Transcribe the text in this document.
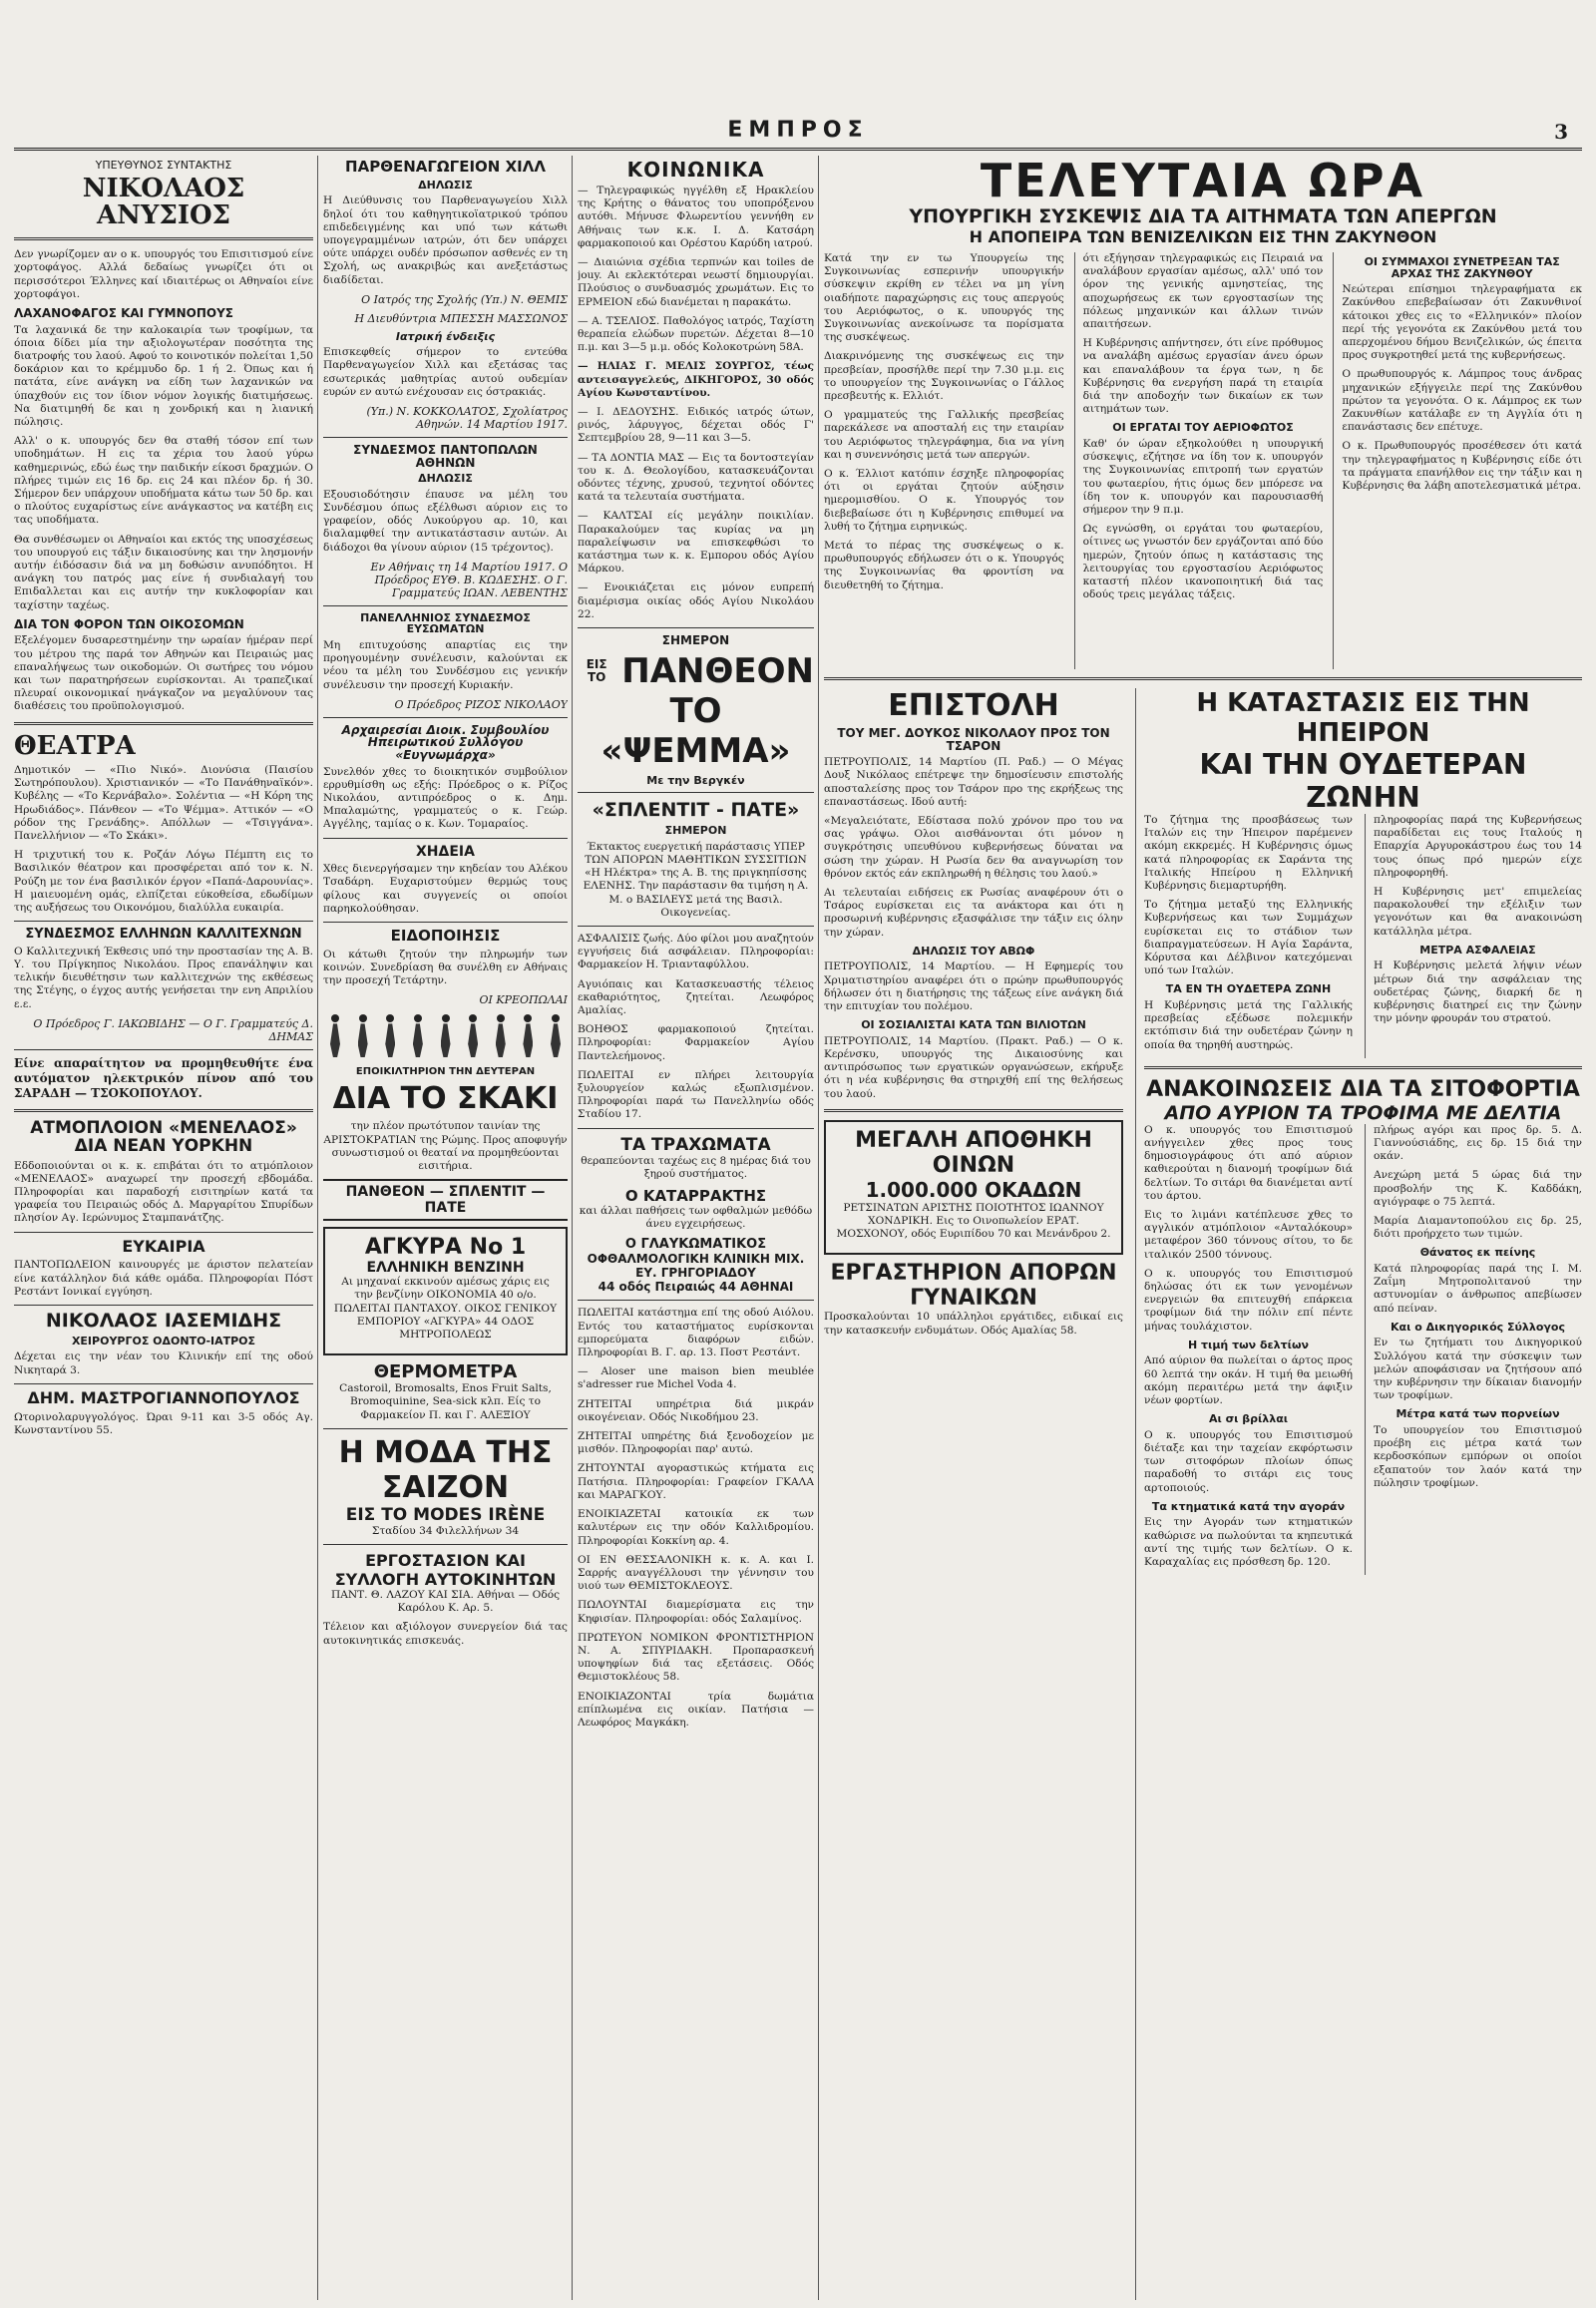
ΕΜΠΡΟΣ	3
ΥΠΕΥΘΥΝΟΣ ΣΥΝΤΑΚΤΗΣ
ΝΙΚΟΛΑΟΣ ΑΝΥΣΙΟΣ

Δεν γνωρίζομεν αν ο κ. υπουργός του Επισιτισμού είνε χορτοφάγος. Αλλά δεδαίως γνωρίζει ότι οι περισσότεροι Έλληνες καί ιδιαιτέρως οι Αθηναίοι είνε χορτοφάγοι.

ΛΑΧΑΝΟΦΑΓΟΣ ΚΑΙ ΓΥΜΝΟΠΟΥΣ

Τα λαχανικά δε την καλοκαιρία των τροφίμων, τα όποια δίδει μία την αξιολογωτέραν ποσότητα της διατροφής του λαού. Αφού το κοινοτικόν πολείται 1,50 δοκάριον και το κρέμμυδο δρ. 1 ή 2. Όπως και ή πατάτα, είνε ανάγκη να είδη των λαχανικών να ύπαχθούν εις τον ίδιον νόμον λογικής διατιμήσεως. Να διατιμηθή δε και η χονδρική και η λιανική πώλησις.

Αλλ' ο κ. υπουργός δεν θα σταθή τόσον επί των υποδημάτων. Η εις τα χέρια του λαού γύρω καθημερινώς, εδώ έως την παιδικήν είκοσι δραχμών. Ο πλήρες τιμών εις 16 δρ. εις 24 και πλέον δρ. ή 30. Σήμερον δεν υπάρχουν υποδήματα κάτω των 50 δρ. και ο πλούτος ευχαρίστως είνε ανάγκαστος να κατέβη εις τας υποδήματα.

Θα συνθέσωμεν οι Αθηναίοι και εκτός της υποσχέσεως του υπουργού εις τάξιν δικαιοσύνης και την λησμονήν αυτήν έιδόσασιν διά να μη δοθώσιν ανυπόδητοι. Η ανάγκη του πατρός μας είνε ή συνδιαλαγή του Επιδαλλεται και εις αυτήν την κυκλοφορίαν και ταχίστην ταχέως.

ΔΙΑ ΤΟΝ ΦΟΡΟΝ ΤΩΝ ΟΙΚΟΣΟΜΩΝ

Εξελέγομεν δυσαρεστημένην την ωραίαν ήμέραν περί του μέτρου της παρά τον Αθηνών και Πειραιώς μας επαναλήψεως των οικοδομών. Οι σωτήρες του νόμου και των παρατηρήσεων ευρίσκονται. Αι τραπεζικαί πλευραί οικονομικαί ηνάγκαζον να μεγαλύνουν τας διαθέσεις του προϋπολογισμού.

ΘΕΑΤΡΑ

Δημοτικόν — «Πιο Νικό». Διονύσια (Παισίου Σωτηρόπουλου). Χριστιανικόν — «Το Πανάθηναϊκόν». Κυβέλης — «Το Κερνάβαλο». Σολέντια — «Η Κόρη της Ηρωδιάδος». Πάνθεον — «Το Ψέμμα». Αττικόν — «Ο ρόδον της Γρενάδης». Απόλλων — «Τσιγγάνα». Πανελλήνιον — «Το Σκάκι».

Η τριχυτική του κ. Ροζάν Λόγω Πέμπτη εις το Βασιλικόν θέατρον και προσφέρεται από τον κ. Ν. Ρούζη με τον ένα βασιλικόν έργον «Παπά-Δαρουνίας». Η μαιευομένη ομάς, ελπίζεται εύκοθείσα, εδωδίμων της αυξήσεως του Οικονόμου, διαλύλλα ευκαιρία.

ΣΥΝΔΕΣΜΟΣ ΕΛΛΗΝΩΝ ΚΑΛΛΙΤΕΧΝΩΝ

Ο Καλλιτεχνική Έκθεσις υπό την προστασίαν της Α. Β. Υ. του Πρίγκηπος Νικολάου. Προς επανάληψιν και τελικήν διευθέτησιν των καλλιτεχνών της εκθέσεως της Στέγης, ο έγχος αυτής γενήσεται την ενη Απριλίου ε.ε.

Ο Πρόεδρος Γ. ΙΑΚΩΒΙΔΗΣ — Ο Γ. Γραμματεύς Δ. ΔΗΜΑΣ

Είνε απαραίτητον να προμηθευθήτε ένα αυτόματον ηλεκτρικόν πίνον από του ΣΑΡΑΔΗ — ΤΣΟΚΟΠΟΥΛΟΥ.

ΑΤΜΟΠΛΟΙΟΝ «ΜΕΝΕΛΑΟΣ» ΔΙΑ ΝΕΑΝ ΥΟΡΚΗΝ

Εδδοποιούνται οι κ. κ. επιβάται ότι το ατμόπλοιον «ΜΕΝΕΛΑΟΣ» αναχωρεί την προσεχή εβδομάδα. Πληροφορίαι και παραδοχή εισιτηρίων κατά τα γραφεία του Πειραιώς οδός Δ. Μαργαρίτου Σπυρίδων πλησίον Αγ. Ιερώνυμος Σταμπανάτζης.

ΕΥΚΑΙΡΙΑ

ΠΑΝΤΟΠΩΛΕΙΟΝ καινουργές με άριστον πελατείαν είνε κατάλληλον διά κάθε ομάδα. Πληροφορίαι Πόστ Ρεστάντ Ιονικαί εγγύηση.

ΝΙΚΟΛΑΟΣ ΙΑΣΕΜΙΔΗΣ
ΧΕΙΡΟΥΡΓΟΣ ΟΔΟΝΤΟ-ΙΑΤΡΟΣ

Δέχεται εις την νέαν του Κλινικήν επί της οδού Νικηταρά 3.

ΔΗΜ. ΜΑΣΤΡΟΓΙΑΝΝΟΠΟΥΛΟΣ

Ωτορινολαρυγγολόγος. Ώραι 9-11 και 3-5 οδός Αγ. Κωνσταντίνου 55.

ΠΑΡΘΕΝΑΓΩΓΕΙΟΝ ΧΙΛΛ
ΔΗΛΩΣΙΣ

Η Διεύθυνσις του Παρθεναγωγείου Χιλλ δηλοί ότι του καθηγητικοϊατρικού τρόπου επιδεδειγμένης και υπό των κάτωθι υπογεγραμμένων ιατρών, ότι δεν υπάρχει ούτε υπάρχει ουδέν πρόσωπον ασθενές εν τη Σχολή, ως ανακριβώς και ανεξετάστως διαδίδεται.

Ο Ιατρός της Σχολής (Υπ.) Ν. ΘΕΜΙΣ
Η Διευθύντρια ΜΠΕΣΣΗ ΜΑΣΣΩΝΟΣ
Ιατρική ένδειξις

Επισκεφθείς σήμερον το εντεύθα Παρθεναγωγείον Χιλλ και εξετάσας τας εσωτερικάς μαθητρίας αυτού ουδεμίαν ευρών εν αυτώ ενέχουσαν εις όστρακιάς.

(Υπ.) Ν. ΚΟΚΚΟΛΑΤΟΣ, Σχολίατρος Αθηνών. 14 Μαρτίου 1917.
ΣΥΝΔΕΣΜΟΣ ΠΑΝΤΟΠΩΛΩΝ ΑΘΗΝΩΝ
ΔΗΛΩΣΙΣ

Εξουσιοδότησιν έπαυσε να μέλη του Συνδέσμου όπως εξέλθωσι αύριον εις το γραφείον, οδός Λυκούργου αρ. 10, και διαλαμφθεί την αντικατάστασιν αυτών. Αι διάδοχοι θα γίνουν αύριον (15 τρέχοντος).

Εν Αθήναις τη 14 Μαρτίου 1917. Ο Πρόεδρος ΕΥΘ. Β. ΚΩΔΕΣΗΣ. Ο Γ. Γραμματεύς ΙΩΑΝ. ΛΕΒΕΝΤΗΣ
ΠΑΝΕΛΛΗΝΙΟΣ ΣΥΝΔΕΣΜΟΣ ΕΥΣΩΜΑΤΩΝ

Μη επιτυχούσης απαρτίας εις την προηγουμένην συνέλευσιν, καλούνται εκ νέου τα μέλη του Συνδέσμου εις γενικήν συνέλευσιν την προσεχή Κυριακήν.

Ο Πρόεδρος ΡΙΖΟΣ ΝΙΚΟΛΑΟΥ
Αρχαιρεσίαι Διοικ. Συμβουλίου Ηπειρωτικού Συλλόγου «Ευγνωμάρχα»

Συνελθόν χθες το διοικητικόν συμβούλιον ερρυθμίσθη ως εξής: Πρόεδρος ο κ. Ρίζος Νικολάου, αντιπρόεδρος ο κ. Δημ. Μπαλαμώτης, γραμματεύς ο κ. Γεώρ. Αγγέλης, ταμίας ο κ. Κων. Τομαραίος.

ΧΗΔΕΙΑ

Χθες διενεργήσαμεν την κηδείαν του Αλέκου Τσαδάρη. Ευχαριστούμεν θερμώς τους φίλους και συγγενείς οι οποίοι παρηκολούθησαν.

ΕΙΔΟΠΟΙΗΣΙΣ

Οι κάτωθι ζητούν την πληρωμήν των κοινών. Συνεδρίαση θα συνέλθη εν Αθήναις την προσεχή Τετάρτην.

ΟΙ ΚΡΕΟΠΩΛΑΙ
ΕΠΟΙΚΙΛΤΗΡΙΟΝ ΤΗΝ ΔΕΥΤΕΡΑΝ
ΔΙΑ ΤΟ ΣΚΑΚΙ

την πλέον πρωτότυπον ταινίαν της ΑΡΙΣΤΟΚΡΑΤΙΑΝ της Ρώμης. Προς αποφυγήν συνωστισμού οι θεαταί να προμηθεύονται εισιτήρια.

ΠΑΝΘΕΟΝ — ΣΠΛΕΝΤΙΤ — ΠΑΤΕ
ΑΓΚΥΡΑ Νο 1
ΕΛΛΗΝΙΚΗ ΒΕΝΖΙΝΗ

Αι μηχαναί εκκινούν αμέσως χάρις εις την βενζίνην ΟΙΚΟΝΟΜΙΑ 40 ο/ο. ΠΩΛΕΙΤΑΙ ΠΑΝΤΑΧΟΥ. ΟΙΚΟΣ ΓΕΝΙΚΟΥ ΕΜΠΟΡΙΟΥ «ΑΓΚΥΡΑ» 44 ΟΔΟΣ ΜΗΤΡΟΠΟΛΕΩΣ

ΘΕΡΜΟΜΕΤΡΑ

Castoroil, Bromosalts, Enos Fruit Salts, Bromoquinine, Sea-sick κλπ. Είς το Φαρμακείον Π. και Γ. ΑΛΕΞΙΟΥ

Η ΜΟΔΑ ΤΗΣ ΣΑΙΖΟΝ
ΕΙΣ ΤΟ MODES IRÈNE

Σταδίου 34 Φιλελλήνων 34

ΕΡΓΟΣΤΑΣΙΟΝ ΚΑΙ ΣΥΛΛΟΓΗ ΑΥΤΟΚΙΝΗΤΩΝ

ΠΑΝΤ. Θ. ΛΑΖΟΥ ΚΑΙ ΣΙΑ. Αθήναι — Οδός Καρόλου Κ. Αρ. 5.

Τέλειον και αξιόλογον συνεργείον διά τας αυτοκινητικάς επισκευάς.

ΚΟΙΝΩΝΙΚΑ

— Τηλεγραφικώς ηγγέλθη εξ Ηρακλείου της Κρήτης ο θάνατος του υποπρόξενου αυτόθι. Μήνυσε Φλωρεντίου γεννήθη εν Αθήναις των κ.κ. Ι. Δ. Κατσάρη φαρμακοποιού και Ορέστου Καρύδη ιατρού.

— Διαιώνια σχέδια τερπνών και toiles de jouy. Αι εκλεκτότεραι νεωστί δημιουργίαι. Πλούσιος ο συνδυασμός χρωμάτων. Εις το ΕΡΜΕΙΟΝ εδώ διανέμεται η παρακάτω.

— Α. ΤΣΕΛΙΟΣ. Παθολόγος ιατρός, Ταχίστη θεραπεία ελώδων πυρετών. Δέχεται 8—10 π.μ. και 3—5 μ.μ. οδός Κολοκοτρώνη 58Α.

— ΗΛΙΑΣ Γ. ΜΕΛΙΣ ΣΟΥΡΓΟΣ, τέως αντεισαγγελεύς, ΔΙΚΗΓΟΡΟΣ, 30 οδός Αγίου Κωνσταντίνου.

— Ι. ΔΕΔΟΥΣΗΣ. Ειδικός ιατρός ώτων, ρινός, λάρυγγος, δέχεται οδός Γ' Σεπτεμβρίου 28, 9—11 και 3—5.

— ΤΑ ΔΟΝΤΙΑ ΜΑΣ — Εις τα δοντοστεγίαν του κ. Δ. Θεολογίδου, κατασκευάζονται οδόντες τέχνης, χρυσού, τεχνητοί οδόντες κατά τα τελευταία συστήματα.

— ΚΑΛΤΣΑΙ είς μεγάλην ποικιλίαν. Παρακαλούμεν τας κυρίας να μη παραλείψωσιν να επισκεφθώσι το κατάστημα των κ. κ. Εμπορου οδός Αγίου Μάρκου.

— Ενοικιάζεται εις μόνον ευπρεπή διαμέρισμα οικίας οδός Αγίου Νικολάου 22.

ΣΗΜΕΡΟΝ
ΕΙΣ ΤΟ ΠΑΝΘΕΟΝ
ΤΟ «ΨΕΜΜΑ»
Με την Βεργκέν
«ΣΠΛΕΝΤΙΤ - ΠΑΤΕ»
ΣΗΜΕΡΟΝ

Έκτακτος ευεργετική παράστασις ΥΠΕΡ ΤΩΝ ΑΠΟΡΩΝ ΜΑΘΗΤΙΚΩΝ ΣΥΣΣΙΤΙΩΝ «Η Ηλέκτρα» της Α. Β. της πριγκηπίσσης ΕΛΕΝΗΣ. Την παράστασιν θα τιμήση η Α. Μ. ο ΒΑΣΙΛΕΥΣ μετά της Βασιλ. Οικογενείας.

ΑΣΦΑΛΙΣΙΣ ζωής. Δύο φίλοι μου αναζητούν εγγυήσεις διά ασφάλειαν. Πληροφορίαι: Φαρμακείον Η. Τριανταφύλλου.

Αγυιόπαις και Κατασκευαστής τέλειος εκαθαριότητος, ζητείται. Λεωφόρος Αμαλίας.

ΒΟΗΘΟΣ φαρμακοποιού ζητείται. Πληροφορίαι: Φαρμακείον Αγίου Παντελεήμονος.

ΠΩΛΕΙΤΑΙ εν πλήρει λειτουργία ξυλουργείον καλώς εξωπλισμένον. Πληροφορίαι παρά τω Πανελληνίω οδός Σταδίου 17.

ΤΑ ΤΡΑΧΩΜΑΤΑ

θεραπεύονται ταχέως εις 8 ημέρας διά του ξηρού συστήματος.

Ο ΚΑΤΑΡΡΑΚΤΗΣ

και άλλαι παθήσεις των οφθαλμών μεθόδω άνευ εγχειρήσεως.

Ο ΓΛΑΥΚΩΜΑΤΙΚΟΣ
ΟΦΘΑΛΜΟΛΟΓΙΚΗ ΚΛΙΝΙΚΗ ΜΙΧ. ΕΥ. ΓΡΗΓΟΡΙΑΔΟΥ
44 οδός Πειραιώς 44 ΑΘΗΝΑΙ

ΠΩΛΕΙΤΑΙ κατάστημα επί της οδού Αιόλου. Εντός του καταστήματος ευρίσκονται εμπορεύματα διαφόρων ειδών. Πληροφορίαι Β. Γ. αρ. 13. Ποστ Ρεστάντ.

— Aloser une maison bien meublée s'adresser rue Michel Voda 4.

ΖΗΤΕΙΤΑΙ υπηρέτρια διά μικράν οικογένειαν. Οδός Νικοδήμου 23.

ΖΗΤΕΙΤΑΙ υπηρέτης διά ξενοδοχείον με μισθόν. Πληροφορίαι παρ' αυτώ.

ΖΗΤΟΥΝΤΑΙ αγοραστικώς κτήματα εις Πατήσια. Πληροφορίαι: Γραφείον ΓΚΑΛΑ και ΜΑΡΑΓΚΟΥ.

ΕΝΟΙΚΙΑΖΕΤΑΙ κατοικία εκ των καλυτέρων εις την οδόν Καλλιδρομίου. Πληροφορίαι Κοκκίνη αρ. 4.

ΟΙ ΕΝ ΘΕΣΣΑΛΟΝΙΚΗ κ. κ. Α. και Ι. Σαρρής αναγγέλλουσι την γέννησιν του υιού των ΘΕΜΙΣΤΟΚΛΕΟΥΣ.

ΠΩΛΟΥΝΤΑΙ διαμερίσματα εις την Κηφισίαν. Πληροφορίαι: οδός Σαλαμίνος.

ΠΡΩΤΕΥΟΝ ΝΟΜΙΚΟΝ ΦΡΟΝΤΙΣΤΗΡΙΟΝ Ν. Α. ΣΠΥΡΙΔΑΚΗ. Προπαρασκευή υποψηφίων διά τας εξετάσεις. Οδός Θεμιστοκλέους 58.

ΕΝΟΙΚΙΑΖΟΝΤΑΙ τρία δωμάτια επίπλωμένα εις οικίαν. Πατήσια — Λεωφόρος Μαγκάκη.

ΤΕΛΕΥΤΑΙΑ ΩΡΑ
ΥΠΟΥΡΓΙΚΗ ΣΥΣΚΕΨΙΣ ΔΙΑ ΤΑ ΑΙΤΗΜΑΤΑ ΤΩΝ ΑΠΕΡΓΩΝ
Η ΑΠΟΠΕΙΡΑ ΤΩΝ ΒΕΝΙΖΕΛΙΚΩΝ ΕΙΣ ΤΗΝ ΖΑΚΥΝΘΟΝ

Κατά την εν τω Υπουργείω της Συγκοινωνίας εσπερινήν υπουργικήν σύσκεψιν εκρίθη εν τέλει να μη γίνη οιαδήποτε παραχώρησις εις τους απεργούς του Αεριόφωτος, ο κ. υπουργός της Συγκοινωνίας ανεκοίνωσε τα πορίσματα της συσκέψεως.

Διακρινόμενης της συσκέψεως εις την πρεσβείαν, προσήλθε περί την 7.30 μ.μ. εις το υπουργείον της Συγκοινωνίας ο Γάλλος πρεσβευτής κ. Ελλιότ.

Ο γραμματεύς της Γαλλικής πρεσβείας παρεκάλεσε να αποσταλή εις την εταιρίαν του Αεριόφωτος τηλεγράφημα, δια να γίνη και η συνεννόησις μετά των απεργών.

Ο κ. Έλλιοτ κατόπιν έσχηξε πληροφορίας ότι οι εργάται ζητούν αύξησιν ημερομισθίου. Ο κ. Υπουργός τον διεβεβαίωσε ότι η Κυβέρνησις επιθυμεί να λυθή το ζήτημα ειρηνικώς.

Μετά το πέρας της συσκέψεως ο κ. πρωθυπουργός εδήλωσεν ότι ο κ. Υπουργός της Συγκοινωνίας θα φροντίση να διευθετηθή το ζήτημα.

ότι εξήγησαν τηλεγραφικώς εις Πειραιά να αναλάβουν εργασίαν αμέσως, αλλ' υπό τον όρον της γενικής αμνηστείας, της αποχωρήσεως εκ των εργοστασίων της πόλεως μηχανικών και άλλων τινών απαιτήσεων.

Η Κυβέρνησις απήντησεν, ότι είνε πρόθυμος να αναλάβη αμέσως εργασίαν άνευ όρων και επαναλάβουν τα έργα των, η δε Κυβέρνησις θα ενεργήση παρά τη εταιρία διά την αποδοχήν των δικαίων εκ των αιτημάτων των.

ΟΙ ΕΡΓΑΤΑΙ ΤΟΥ ΑΕΡΙΟΦΩΤΟΣ

Καθ' όν ώραν εξηκολούθει η υπουργική σύσκεψις, εζήτησε να ίδη τον κ. υπουργόν της Συγκοινωνίας επιτροπή των εργατών του φωταερίου, ήτις όμως δεν μπόρεσε να ίδη τον κ. υπουργόν και παρουσιασθή σήμερον την 9 π.μ.

Ως εγνώσθη, οι εργάται του φωταερίου, οίτινες ως γνωστόν δεν εργάζονται από δύο ημερών, ζητούν όπως η κατάστασις της λειτουργίας του εργοστασίου Αεριόφωτος καταστή πλέον ικανοποιητική διά τας οδούς τρεις μεγάλας τάξεις.

ΟΙ ΣΥΜΜΑΧΟΙ ΣΥΝΕΤΡΕΞΑΝ ΤΑΣ ΑΡΧΑΣ ΤΗΣ ΖΑΚΥΝΘΟΥ

Νεώτεραι επίσημοι τηλεγραφήματα εκ Ζακύνθου επεβεβαίωσαν ότι Ζακυνθινοί κάτοικοι χθες εις το «Ελληνικόν» πλοίον περί τής γεγονότα εκ Ζακύνθου μετά του απερχομένου δήμου Βενιζελικών, ώς έπειτα προς συγκροτηθεί μετά της κυβερνήσεως.

Ο πρωθυπουργός κ. Λάμπρος τους άνδρας μηχανικών εξήγγειλε περί της Ζακύνθου πρώτον τα γεγονότα. Ο κ. Λάμπρος εκ των Ζακυνθίων κατάλαβε εν τη Αγγλία ότι η επανάστασις δεν επέτυχε.

Ο κ. Πρωθυπουργός προσέθεσεν ότι κατά την τηλεγραφήματος η Κυβέρνησις είδε ότι τα πράγματα επανήλθον εις την τάξιν και η Κυβέρνησις θα λάβη αποτελεσματικά μέτρα.

ΕΠΙΣΤΟΛΗ
ΤΟΥ ΜΕΓ. ΔΟΥΚΟΣ ΝΙΚΟΛΑΟΥ ΠΡΟΣ ΤΟΝ ΤΣΑΡΟΝ

ΠΕΤΡΟΥΠΟΛΙΣ, 14 Μαρτίου (Π. Ραδ.) — Ο Μέγας Δουξ Νικόλαος επέτρεψε την δημοσίευσιν επιστολής αποσταλείσης προς τον Τσάρον προ της εκρήξεως της επαναστάσεως. Ιδού αυτή:

«Μεγαλειότατε, Εδίστασα πολύ χρόνον προ του να σας γράψω. Ολοι αισθάνονται ότι μόνον η συγκρότησις υπευθύνου κυβερνήσεως δύναται να σώση την χώραν. Η Ρωσία δεν θα αναγνωρίση τον θρόνον εκτός εάν εκπληρωθή η θέλησις του λαού.»

Αι τελευταίαι ειδήσεις εκ Ρωσίας αναφέρουν ότι ο Τσάρος ευρίσκεται εις τα ανάκτορα και ότι η προσωρινή κυβέρνησις εξασφάλισε την τάξιν εις όλην την χώραν.

ΔΗΛΩΣΙΣ ΤΟΥ ΑΒΩΦ

ΠΕΤΡΟΥΠΟΛΙΣ, 14 Μαρτίου. — Η Εφημερίς του Χριματιστηρίου αναφέρει ότι ο πρώην πρωθυπουργός δήλωσεν ότι η διατήρησις της τάξεως είνε ανάγκη διά την επιτυχίαν του πολέμου.

ΟΙ ΣΟΣΙΑΛΙΣΤΑΙ ΚΑΤΑ ΤΩΝ ΒΙΛΙΟΤΩΝ

ΠΕΤΡΟΥΠΟΛΙΣ, 14 Μαρτίου. (Πρακτ. Ραδ.) — Ο κ. Κερένσκυ, υπουργός της Δικαιοσύνης και αντιπρόσωπος των εργατικών οργανώσεων, εκήρυξε ότι η νέα κυβέρνησις θα στηριχθή επί της θελήσεως του λαού.

ΜΕΓΑΛΗ ΑΠΟΘΗΚΗ ΟΙΝΩΝ
1.000.000 ΟΚΑΔΩΝ

ΡΕΤΣΙΝΑΤΩΝ ΑΡΙΣΤΗΣ ΠΟΙΟΤΗΤΟΣ ΙΩΑΝΝΟΥ ΧΟΝΔΡΙΚΗ. Εις το Οινοπωλείον ΕΡΑΤ. ΜΟΣΧΟΝΟΥ, οδός Ευριπίδου 70 και Μενάνδρου 2.

ΕΡΓΑΣΤΗΡΙΟΝ ΑΠΟΡΩΝ ΓΥΝΑΙΚΩΝ

Προσκαλούνται 10 υπάλληλοι εργάτιδες, ειδικαί εις την κατασκευήν ενδυμάτων. Οδός Αμαλίας 58.

Η ΚΑΤΑΣΤΑΣΙΣ ΕΙΣ ΤΗΝ ΗΠΕΙΡΟΝ
ΚΑΙ ΤΗΝ ΟΥΔΕΤΕΡΑΝ ΖΩΝΗΝ

Το ζήτημα της προσβάσεως των Ιταλών εις την Ήπειρον παρέμενεν ακόμη εκκρεμές. Η Κυβέρνησις όμως κατά πληροφορίας εκ Σαράντα της Ιταλικής Ηπείρου η Ελληνική Κυβέρνησις διεμαρτυρήθη.

Το ζήτημα μεταξύ της Ελληνικής Κυβερνήσεως και των Συμμάχων ευρίσκεται εις το στάδιον των διαπραγματεύσεων. Η Αγία Σαράντα, Κόρυτσα και Δέλβινον κατεχόμεναι υπό των Ιταλών.

ΤΑ ΕΝ ΤΗ ΟΥΔΕΤΕΡΑ ΖΩΝΗ

Η Κυβέρνησις μετά της Γαλλικής πρεσβείας εξέδωσε πολεμικήν εκτόπισιν διά την ουδετέραν ζώνην η οποία θα τηρηθή αυστηρώς.

πληροφορίας παρά της Κυβερνήσεως παραδίδεται εις τους Ιταλούς η Επαρχία Αργυροκάστρου έως του 14 τους όπως πρό ημερών είχε πληροφορηθή.

Η Κυβέρνησις μετ' επιμελείας παρακολουθεί την εξέλιξιν των γεγονότων και θα ανακοινώση κατάλληλα μέτρα.

ΜΕΤΡΑ ΑΣΦΑΛΕΙΑΣ

Η Κυβέρνησις μελετά λήψιν νέων μέτρων διά την ασφάλειαν της ουδετέρας ζώνης, διαρκή δε η κυβέρνησις διατηρεί εις την ζώνην την μόνην φρουράν του στρατού.

ΑΝΑΚΟΙΝΩΣΕΙΣ ΔΙΑ ΤΑ ΣΙΤΟΦΟΡΤΙΑ
ΑΠΟ ΑΥΡΙΟΝ ΤΑ ΤΡΟΦΙΜΑ ΜΕ ΔΕΛΤΙΑ

Ο κ. υπουργός του Επισιτισμού ανήγγειλεν χθες προς τους δημοσιογράφους ότι από αύριον καθιερούται η διανομή τροφίμων διά δελτίων. Το σιτάρι θα διανέμεται αντί του άρτου.

Εις το λιμάνι κατέπλευσε χθες το αγγλικόν ατμόπλοιον «Ανταλόκουρ» μεταφέρον 360 τόννους σίτου, το δε ιταλικόν 2500 τόννους.

Ο κ. υπουργός του Επισιτισμού δηλώσας ότι εκ των γενομένων ενεργειών θα επιτευχθή επάρκεια τροφίμων διά την πόλιν επί πέντε μήνας τουλάχιστον.

Η τιμή των δελτίων

Από αύριον θα πωλείται ο άρτος προς 60 λεπτά την οκάν. Η τιμή θα μειωθή ακόμη περαιτέρω μετά την άφιξιν νέων φορτίων.

Αι σι βρίλλαι

Ο κ. υπουργός του Επισιτισμού διέταξε και την ταχείαν εκφόρτωσιν των σιτοφόρων πλοίων όπως παραδοθή το σιτάρι εις τους αρτοποιούς.

Τα κτηματικά κατά την αγοράν

Εις την Αγοράν των κτηματικών καθώρισε να πωλούνται τα κηπευτικά αντί της τιμής των δελτίων. Ο κ. Καραχαλίας εις πρόσθεση δρ. 120.

πλήρως αγόρι και προς δρ. 5. Δ. Γιαννούσιάδης, εις δρ. 15 διά την οκάν.

Ανεχώρη μετά 5 ώρας διά την προσβολήν της Κ. Καδδάκη, αγιόγραφε ο 75 λεπτά.

Μαρία Διαμαντοπούλου εις δρ. 25, διότι προήρχετο των τιμών.

Θάνατος εκ πείνης

Κατά πληροφορίας παρά της Ι. Μ. Ζαΐμη Μητροπολιτανού την αστυνομίαν ο άνθρωπος απεβίωσεν από πείναν.

Και ο Δικηγορικός Σύλλογος

Εν τω ζητήματι του Δικηγορικού Συλλόγου κατά την σύσκεψιν των μελών αποφάσισαν να ζητήσουν από την κυβέρνησιν την δίκαιαν διανομήν των τροφίμων.

Μέτρα κατά των πορνείων

Το υπουργείον του Επισιτισμού προέβη εις μέτρα κατά των κερδοσκόπων εμπόρων οι οποίοι εξαπατούν τον λαόν κατά την πώλησιν τροφίμων.
